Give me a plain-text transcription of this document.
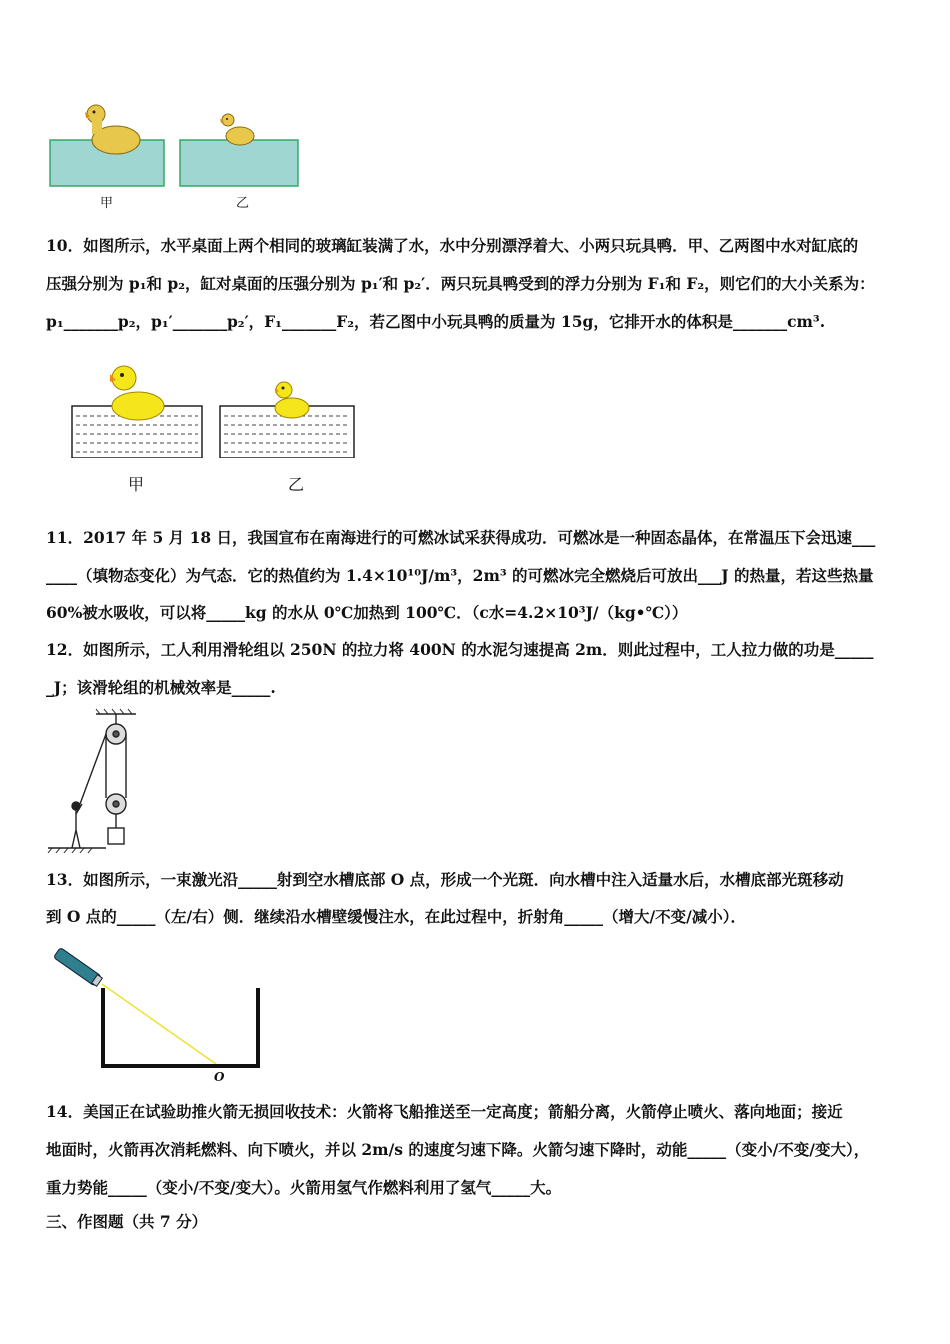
甲	乙
10．如图所示，水平桌面上两个相同的玻璃缸装满了水，水中分别漂浮着大、小两只玩具鸭．甲、乙两图中水对缸底的
压强分别为 p₁和 p₂，缸对桌面的压强分别为 p₁′和 p₂′．两只玩具鸭受到的浮力分别为 F₁和 F₂，则它们的大小关系为：
p₁_______p₂，p₁′_______p₂′，F₁_______F₂，若乙图中小玩具鸭的质量为 15g，它排开水的体积是_______cm³.
甲	乙
11．2017 年 5 月 18 日，我国宣布在南海进行的可燃冰试采获得成功．可燃冰是一种固态晶体，在常温压下会迅速___
____（填物态变化）为气态．它的热值约为 1.4×10¹⁰J/m³，2m³ 的可燃冰完全燃烧后可放出___J 的热量，若这些热量
60%被水吸收，可以将_____kg 的水从 0℃加热到 100℃．（c水=4.2×10³J/（kg•℃））
12．如图所示，工人利用滑轮组以 250N 的拉力将 400N 的水泥匀速提高 2m．则此过程中，工人拉力做的功是_____
_J；该滑轮组的机械效率是_____.
13．如图所示，一束激光沿_____射到空水槽底部 O 点，形成一个光斑．向水槽中注入适量水后，水槽底部光斑移动
到 O 点的_____（左/右）侧．继续沿水槽壁缓慢注水，在此过程中，折射角_____（增大/不变/减小）．
O
14．美国正在试验助推火箭无损回收技术：火箭将飞船推送至一定高度；箭船分离，火箭停止喷火、落向地面；接近
地面时，火箭再次消耗燃料、向下喷火，并以 2m/s 的速度匀速下降。火箭匀速下降时，动能_____（变小/不变/变大），
重力势能_____（变小/不变/变大）。火箭用氢气作燃料利用了氢气_____大。
三、作图题（共 7 分）
